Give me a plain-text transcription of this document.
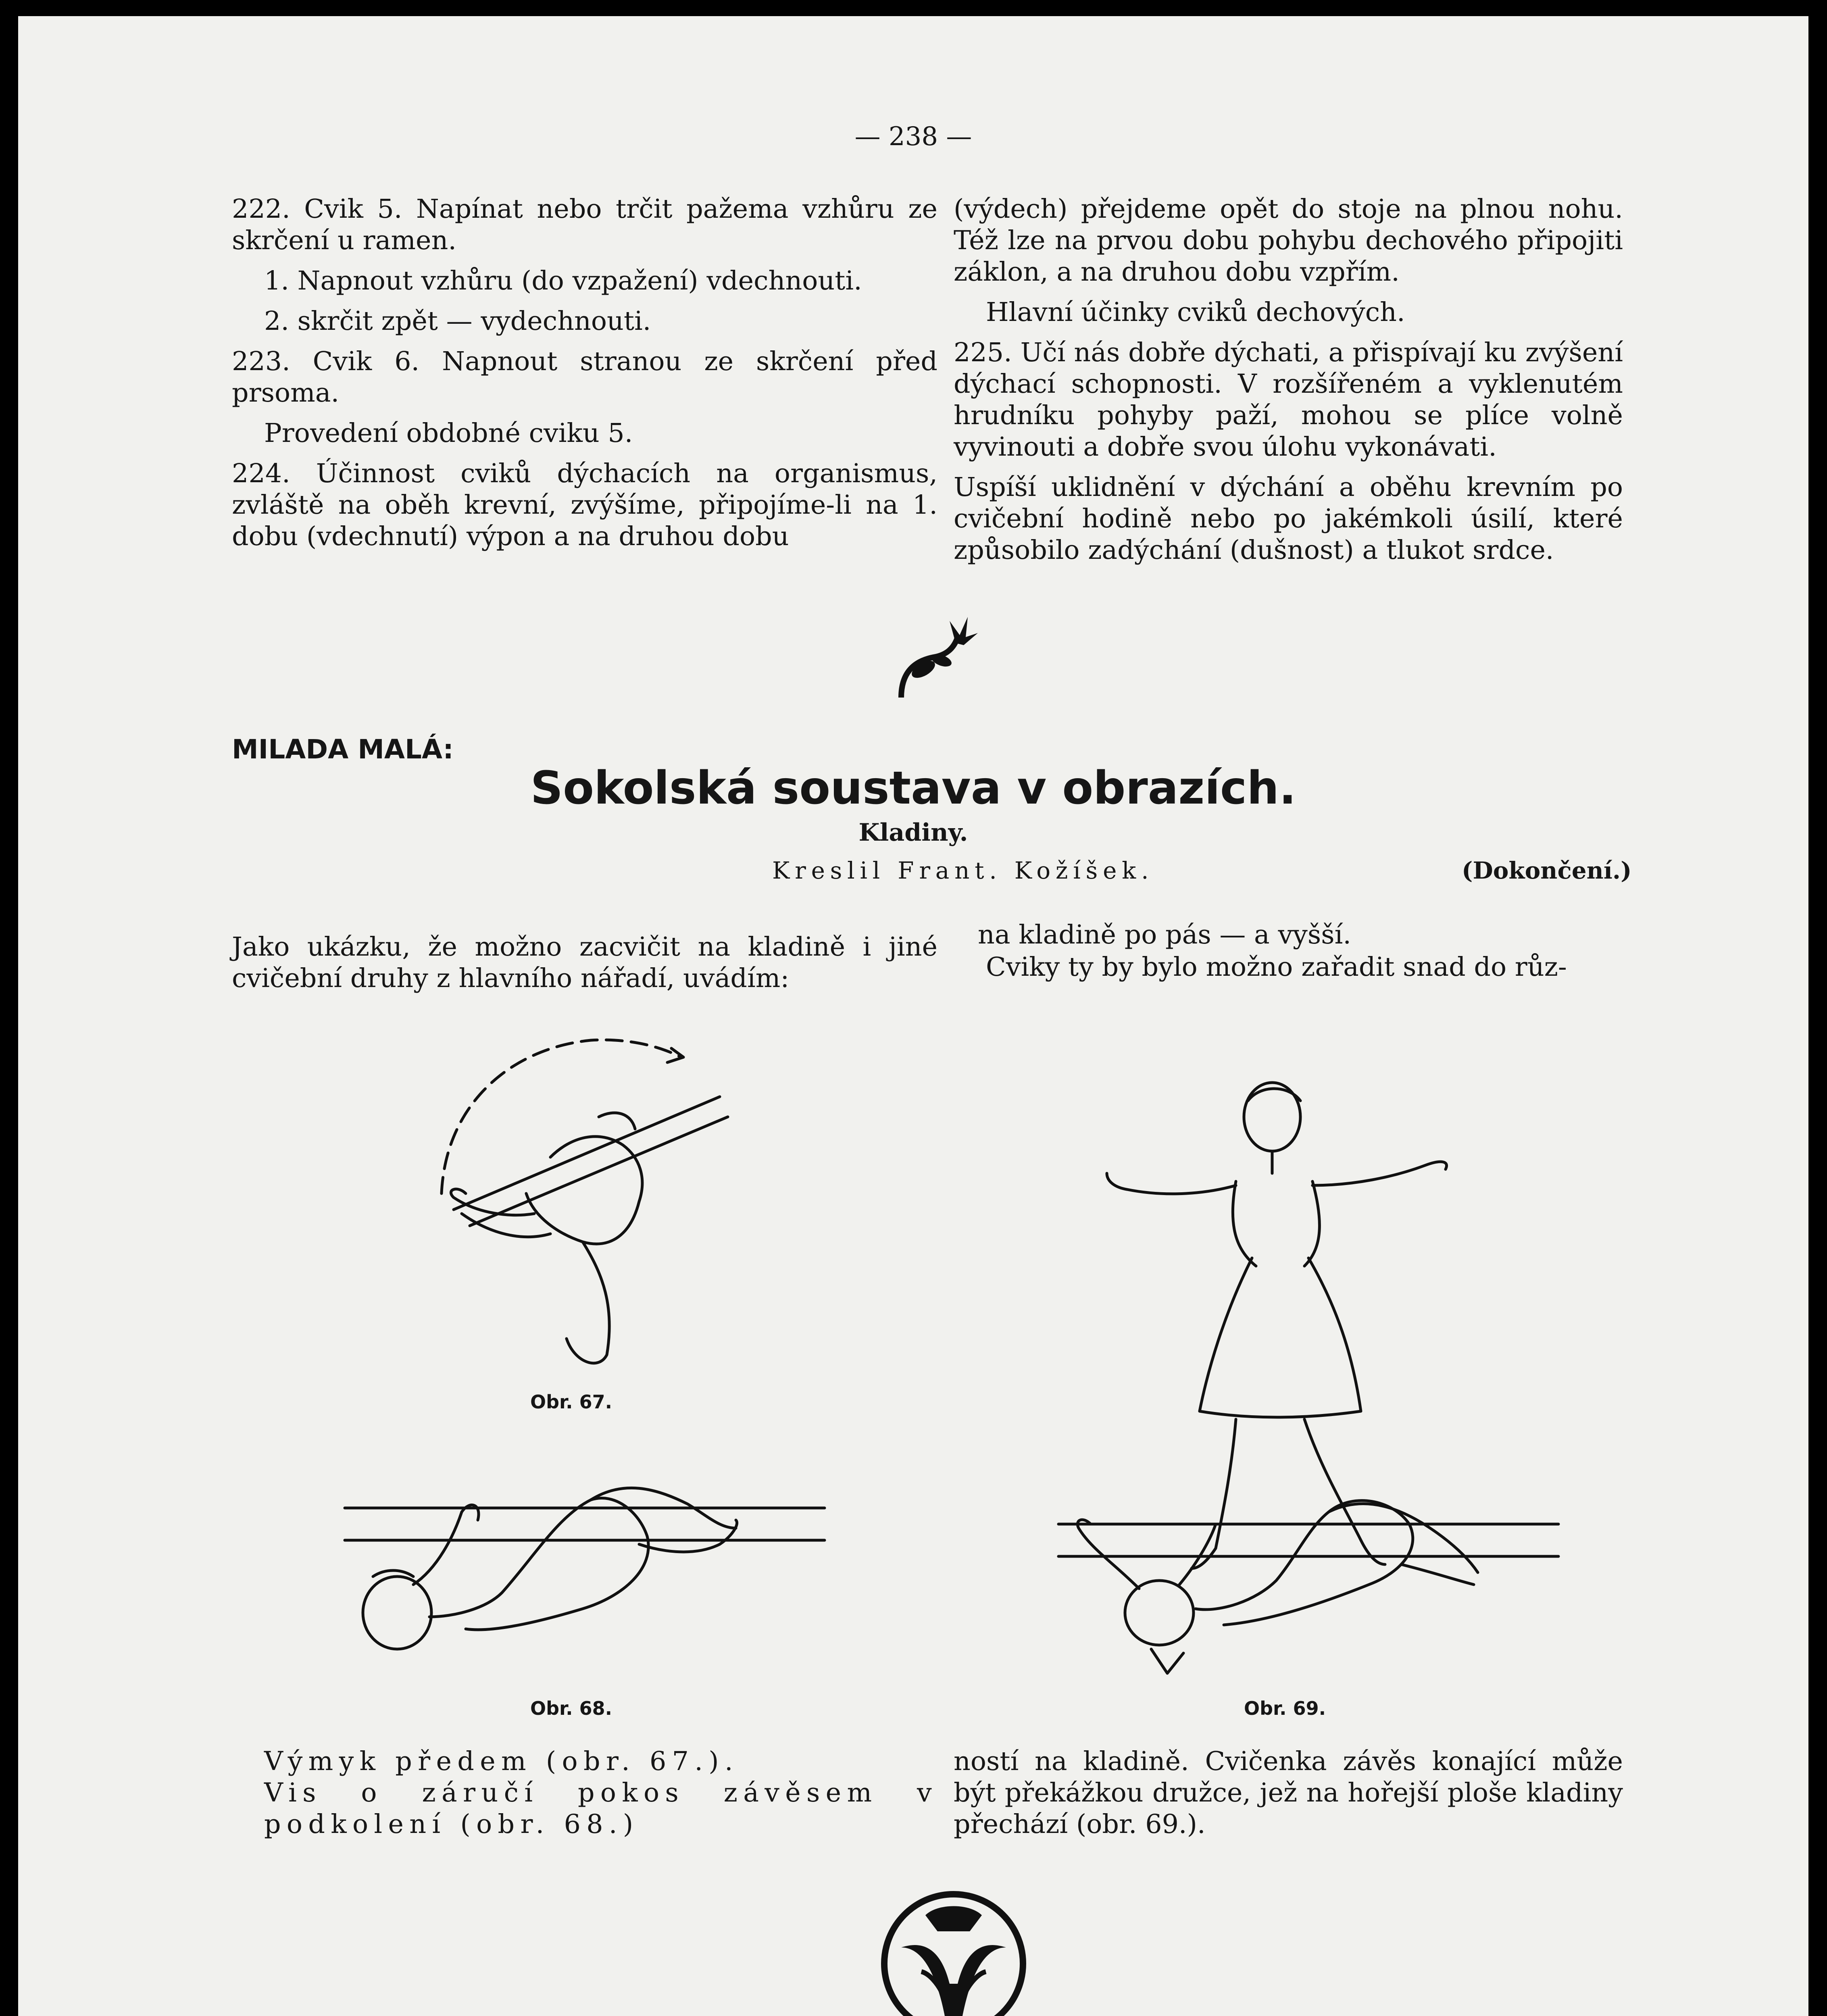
— 238 —

222. Cvik 5. Napínat nebo trčit pažema vzhůru ze skrčení u ramen.

1. Napnout vzhůru (do vzpažení) vdechnouti.

2. skrčit zpět — vydechnouti.

223. Cvik 6. Napnout stranou ze skrčení před prsoma.

Provedení obdobné cviku 5.

224. Účinnost cviků dýchacích na organismus, zvláště na oběh krevní, zvýšíme, připojíme-li na 1. dobu (vdechnutí) výpon a na druhou dobu

(výdech) přejdeme opět do stoje na plnou nohu. Též lze na prvou dobu pohybu dechového připojiti záklon, a na druhou dobu vzpřím.

Hlavní účinky cviků dechových.

225. Učí nás dobře dýchati, a přispívají ku zvýšení dýchací schopnosti. V rozšířeném a vyklenutém hrudníku pohyby paží, mohou se plíce volně vyvinouti a dobře svou úlohu vykonávati.

Uspíší uklidnění v dýchání a oběhu krevním po cvičební hodině nebo po jakémkoli úsilí, které způsobilo zadýchání (dušnost) a tlukot srdce.

MILADA MALÁ:
Sokolská soustava v obrazích.
Kladiny.
Kreslil Frant. Kožíšek.	(Dokončení.)

Jako ukázku, že možno zacvičit na kladině i jiné cvičební druhy z hlavního nářadí, uvádím:

na kladině po pás — a vyšší.

Cviky ty by bylo možno zařadit snad do růz-

Obr. 67.
Obr. 68.	Obr. 69.

Výmyk předem (obr. 67.).

Vis o záručí pokos závěsem v podkolení (obr. 68.)

ností na kladině. Cvičenka závěs konající může být překážkou družce, jež na hořejší ploše kladiny přechází (obr. 69.).
